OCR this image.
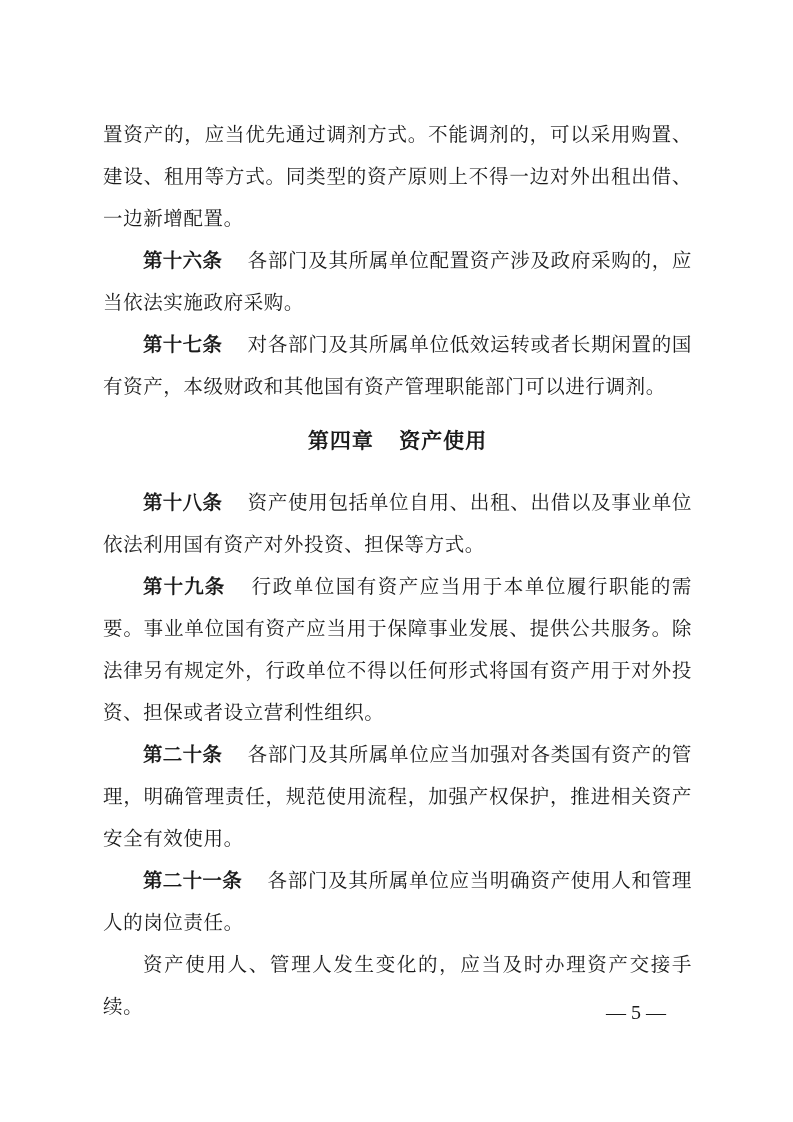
置资产的，应当优先通过调剂方式。不能调剂的，可以采用购置、建设、租用等方式。同类型的资产原则上不得一边对外出租出借、一边新增配置。

第十六条 各部门及其所属单位配置资产涉及政府采购的，应当依法实施政府采购。

第十七条 对各部门及其所属单位低效运转或者长期闲置的国有资产，本级财政和其他国有资产管理职能部门可以进行调剂。

第四章 资产使用

第十八条 资产使用包括单位自用、出租、出借以及事业单位依法利用国有资产对外投资、担保等方式。

第十九条 行政单位国有资产应当用于本单位履行职能的需要。事业单位国有资产应当用于保障事业发展、提供公共服务。除法律另有规定外，行政单位不得以任何形式将国有资产用于对外投资、担保或者设立营利性组织。

第二十条 各部门及其所属单位应当加强对各类国有资产的管理，明确管理责任，规范使用流程，加强产权保护，推进相关资产安全有效使用。

第二十一条 各部门及其所属单位应当明确资产使用人和管理人的岗位责任。

资产使用人、管理人发生变化的，应当及时办理资产交接手续。	— 5 —
